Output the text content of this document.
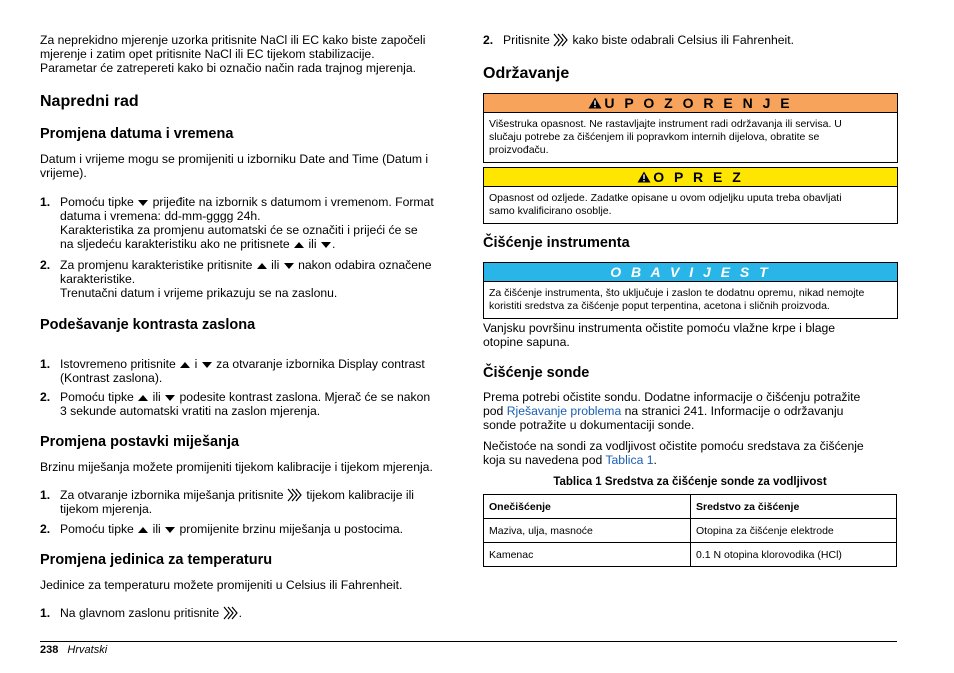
Za neprekidno mjerenje uzorka pritisnite NaCl ili EC kako biste započeli

mjerenje i zatim opet pritisnite NaCl ili EC tijekom stabilizacije.

Parametar će zatrepereti kako bi označio način rada trajnog mjerenja.

Napredni rad
Promjena datuma i vremena

Datum i vrijeme mogu se promijeniti u izborniku Date and Time (Datum i

vrijeme).

1. Pomoću tipke prijeđite na izbornik s datumom i vremenom. Format
datuma i vremena: dd-mm-gggg 24h.
Karakteristika za promjenu automatski će se označiti i prijeći će se
na sljedeću karakteristiku ako ne pritisnete ili .
2. Za promjenu karakteristike pritisnite ili nakon odabira označene
karakteristike.
Trenutačni datum i vrijeme prikazuju se na zaslonu.
Podešavanje kontrasta zaslona
1. Istovremeno pritisnite i za otvaranje izbornika Display contrast
(Kontrast zaslona).
2. Pomoću tipke ili podesite kontrast zaslona. Mjerač će se nakon
3 sekunde automatski vratiti na zaslon mjerenja.
Promjena postavki miješanja

Brzinu miješanja možete promijeniti tijekom kalibracije i tijekom mjerenja.

1. Za otvaranje izbornika miješanja pritisnite tijekom kalibracije ili
tijekom mjerenja.
2. Pomoću tipke ili promijenite brzinu miješanja u postocima.
Promjena jedinica za temperaturu

Jedinice za temperaturu možete promijeniti u Celsius ili Fahrenheit.

1. Na glavnom zaslonu pritisnite .
2. Pritisnite kako biste odabrali Celsius ili Fahrenheit.
Održavanje
U P O Z O R E N J E
Višestruka opasnost. Ne rastavljajte instrument radi održavanja ili servisa. U
slučaju potrebe za čišćenjem ili popravkom internih dijelova, obratite se
proizvođaču.
O P R E Z
Opasnost od ozljede. Zadatke opisane u ovom odjeljku uputa treba obavljati
samo kvalificirano osoblje.
Čišćenje instrumenta
O B A V I J E S T
Za čišćenje instrumenta, što uključuje i zaslon te dodatnu opremu, nikad nemojte
koristiti sredstva za čišćenje poput terpentina, acetona i sličnih proizvoda.

Vanjsku površinu instrumenta očistite pomoću vlažne krpe i blage

otopine sapuna.

Čišćenje sonde

Prema potrebi očistite sondu. Dodatne informacije o čišćenju potražite

pod Rješavanje problema na stranici 241. Informacije o održavanju

sonde potražite u dokumentaciji sonde.

Nečistoće na sondi za vodljivost očistite pomoću sredstava za čišćenje

koja su navedena pod Tablica 1.

Tablica 1 Sredstva za čišćenje sonde za vodljivost
Onečišćenje	Sredstvo za čišćenje
Maziva, ulja, masnoće	Otopina za čišćenje elektrode
Kamenac	0.1 N otopina klorovodika (HCl)
238 Hrvatski
